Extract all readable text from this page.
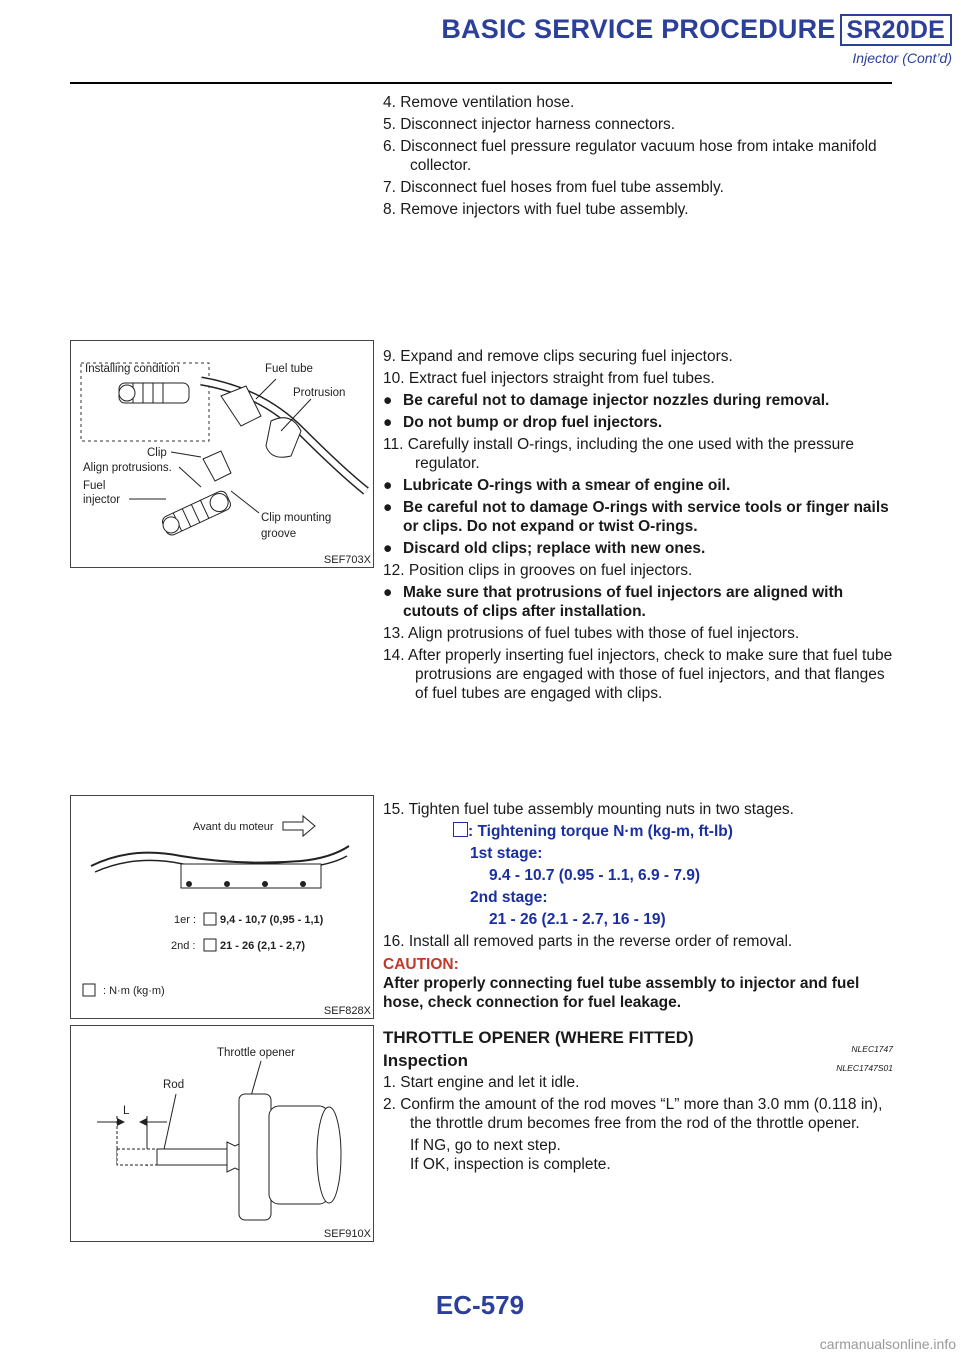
BASIC SERVICE PROCEDURE SR20DE
Injector (Cont’d)
4. Remove ventilation hose.
5. Disconnect injector harness connectors.
6. Disconnect fuel pressure regulator vacuum hose from intake manifold collector.
7. Disconnect fuel hoses from fuel tube assembly.
8. Remove injectors with fuel tube assembly.
Installing condition	Fuel tube
Protrusion
Clip
Align protrusions.
Fuel
injector
Clip mounting
groove
SEF703X
9. Expand and remove clips securing fuel injectors.
10. Extract fuel injectors straight from fuel tubes.
● Be careful not to damage injector nozzles during removal.
● Do not bump or drop fuel injectors.
11. Carefully install O-rings, including the one used with the pressure regulator.
● Lubricate O-rings with a smear of engine oil.
● Be careful not to damage O-rings with service tools or finger nails or clips. Do not expand or twist O-rings.
● Discard old clips; replace with new ones.
12. Position clips in grooves on fuel injectors.
● Make sure that protrusions of fuel injectors are aligned with cutouts of clips after installation.
13. Align protrusions of fuel tubes with those of fuel injectors.
14. After properly inserting fuel injectors, check to make sure that fuel tube protrusions are engaged with those of fuel injectors, and that flanges of fuel tubes are engaged with clips.
Avant du moteur
1er : 9,4 - 10,7 (0,95 - 1,1)
2nd : 21 - 26 (2,1 - 2,7)
: N·m (kg·m)
SEF828X
15. Tighten fuel tube assembly mounting nuts in two stages.
: Tightening torque N·m (kg-m, ft-lb)
1st stage:
9.4 - 10.7 (0.95 - 1.1, 6.9 - 7.9)
2nd stage:
21 - 26 (2.1 - 2.7, 16 - 19)
16. Install all removed parts in the reverse order of removal.
CAUTION:
After properly connecting fuel tube assembly to injector and fuel hose, check connection for fuel leakage.
Throttle opener
Rod
L
SEF910X
THROTTLE OPENER (WHERE FITTED)
NLEC1747
Inspection	NLEC1747S01
1. Start engine and let it idle.
2. Confirm the amount of the rod moves “L” more than 3.0 mm (0.118 in), the throttle drum becomes free from the rod of the throttle opener.
If NG, go to next step.
If OK, inspection is complete.
EC-579
carmanualsonline.info
